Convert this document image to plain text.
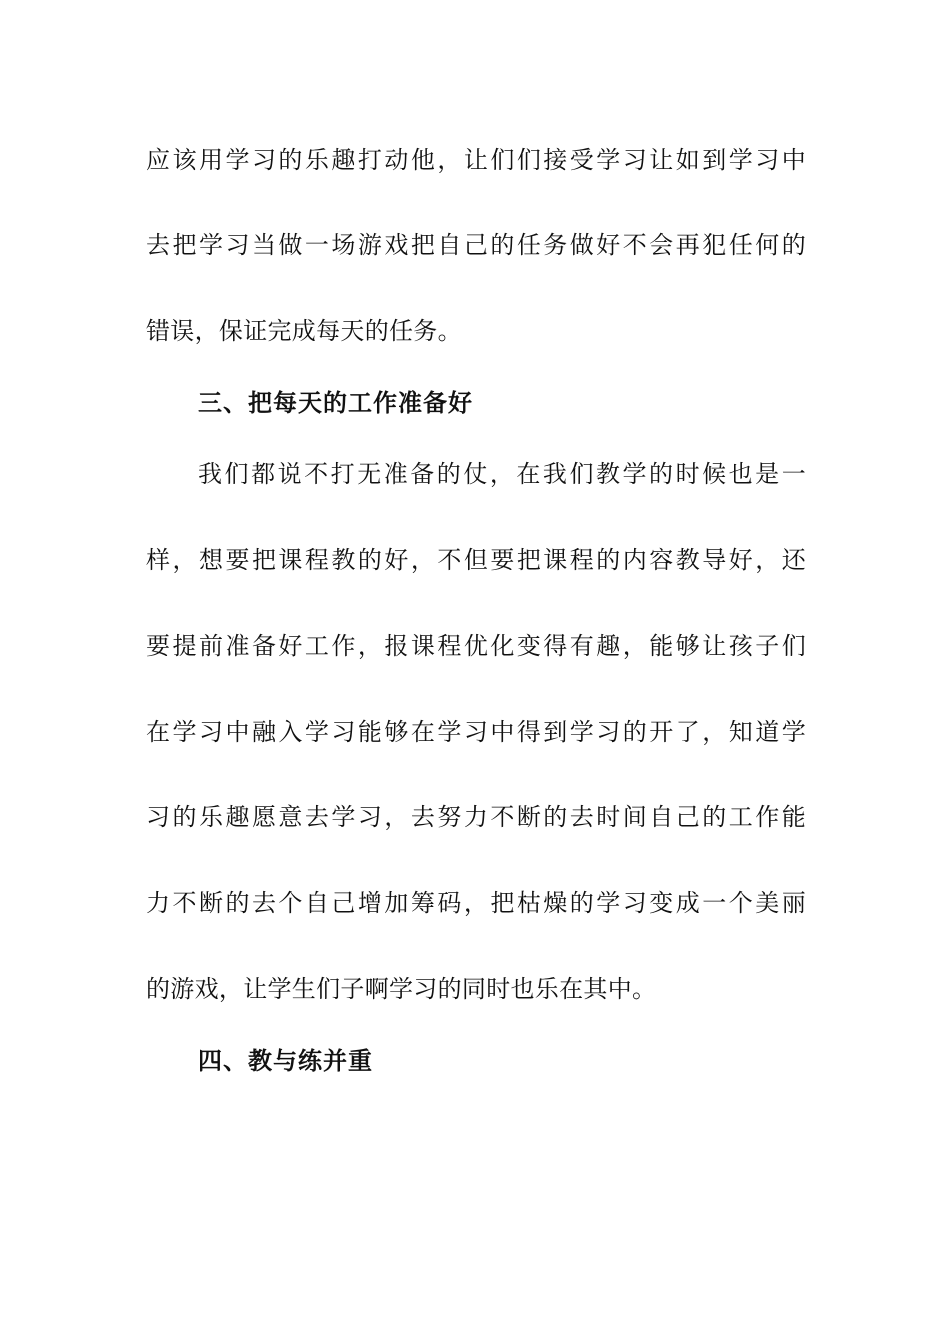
应该用学习的乐趣打动他，让们们接受学习让如到学习中
去把学习当做一场游戏把自己的任务做好不会再犯任何的
错误，保证完成每天的任务。
三、把每天的工作准备好
我们都说不打无准备的仗，在我们教学的时候也是一
样，想要把课程教的好，不但要把课程的内容教导好，还
要提前准备好工作，报课程优化变得有趣，能够让孩子们
在学习中融入学习能够在学习中得到学习的开了，知道学
习的乐趣愿意去学习，去努力不断的去时间自己的工作能
力不断的去个自己增加筹码，把枯燥的学习变成一个美丽
的游戏，让学生们子啊学习的同时也乐在其中。
四、教与练并重
